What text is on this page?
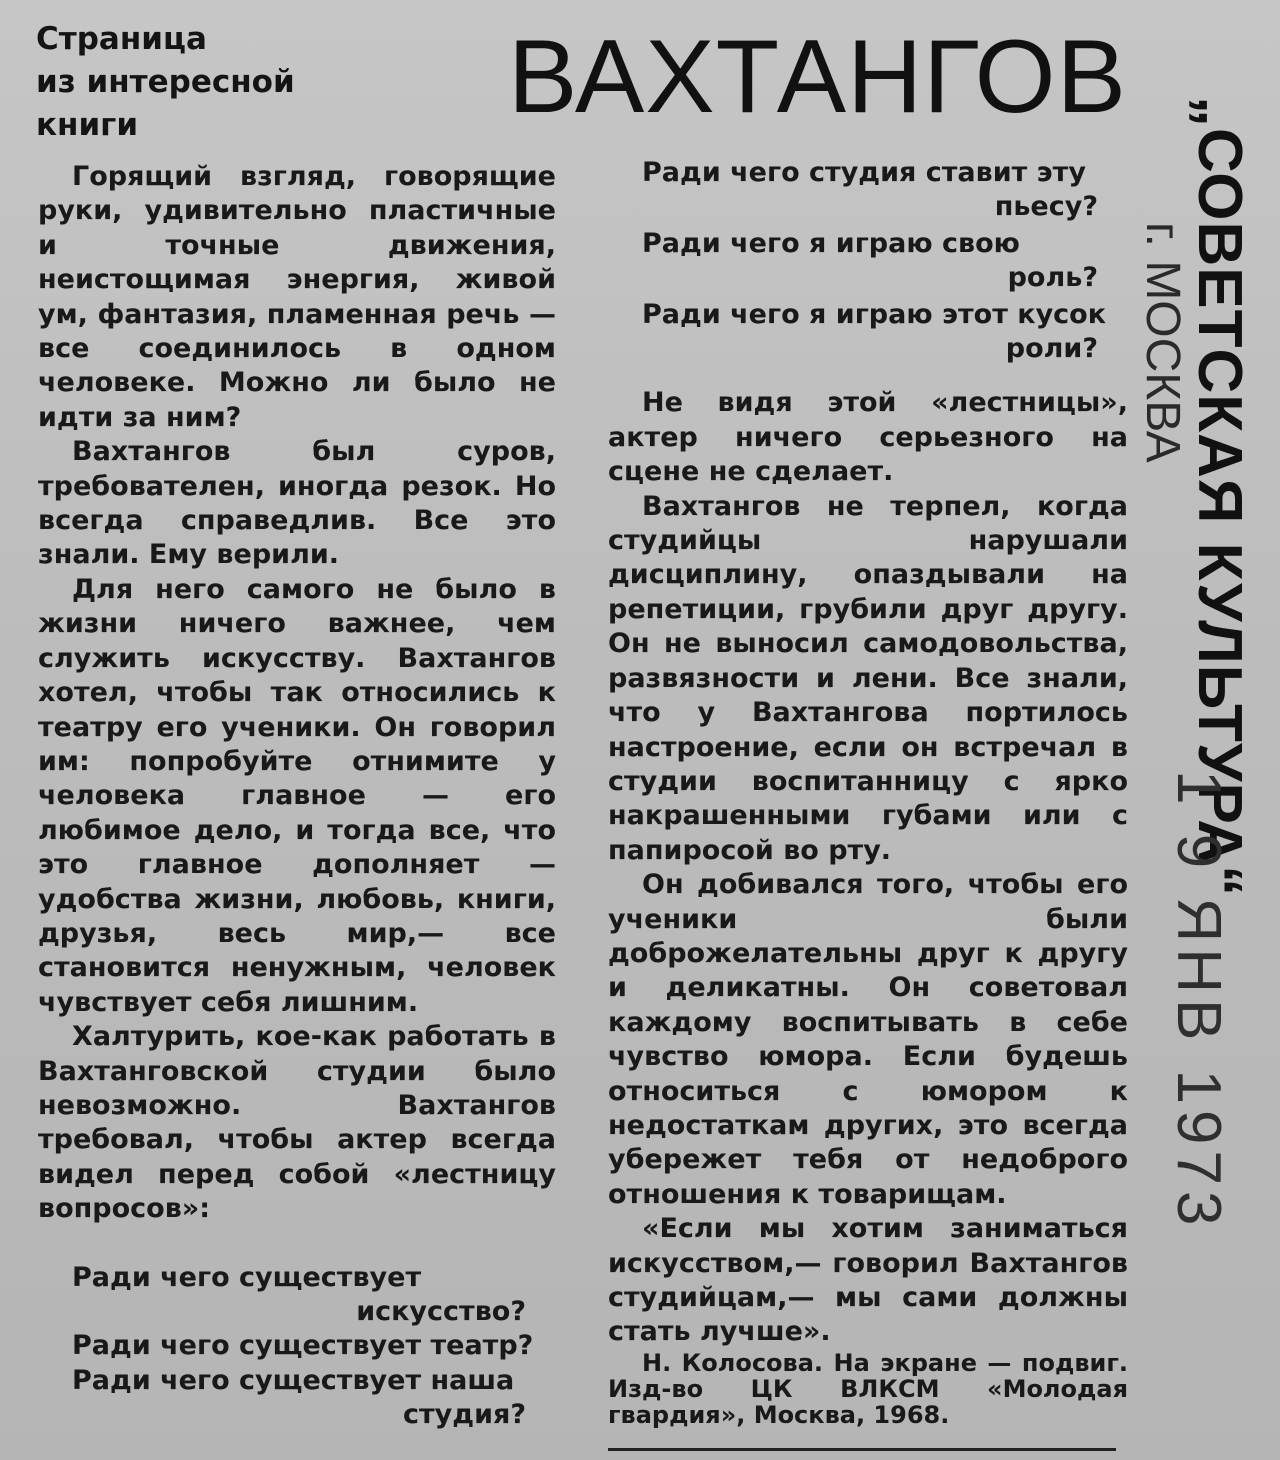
Страница
из интересной
книги	ВАХТАНГОВ

Горящий взгляд, говорящие руки, удивительно пластичные и точные движения, неистощимая энергия, живой ум, фантазия, пламенная речь — все соединилось в одном человеке. Можно ли было не идти за ним?

Вахтангов был суров, требователен, иногда резок. Но всегда справедлив. Все это знали. Ему верили.

Для него самого не было в жизни ничего важнее, чем служить искусству. Вахтангов хотел, чтобы так относились к театру его ученики. Он говорил им: попробуйте отнимите у человека главное — его любимое дело, и тогда все, что это главное дополняет — удобства жизни, любовь, книги, друзья, весь мир,— все становится ненужным, человек чувствует себя лишним.

Халтурить, кое-как работать в Вахтанговской студии было невозможно. Вахтангов требовал, чтобы актер всегда видел перед собой «лестницу вопросов»:

Ради чего существует
искусство?
Ради чего существует театр?
Ради чего существует наша
студия?
Ради чего студия ставит эту
пьесу?
Ради чего я играю свою
роль?
Ради чего я играю этот кусок
роли?

Не видя этой «лестницы», актер ничего серьезного на сцене не сделает.

Вахтангов не терпел, когда студийцы нарушали дисциплину, опаздывали на репетиции, грубили друг другу. Он не выносил самодовольства, развязности и лени. Все знали, что у Вахтангова портилось настроение, если он встречал в студии воспитанницу с ярко накрашенными губами или с папиросой во рту.

Он добивался того, чтобы его ученики были доброжелательны друг к другу и деликатны. Он советовал каждому воспитывать в себе чувство юмора. Если будешь относиться с юмором к недостаткам других, это всегда убережет тебя от недоброго отношения к товарищам.

«Если мы хотим заниматься искусством,— говорил Вахтангов студийцам,— мы сами должны стать лучше».

Н. Колосова. На экране — подвиг. Изд-во ЦК ВЛКСМ «Молодая гвардия», Москва, 1968.

„СОВЕТСКАЯ КУЛЬТУРА“
г. МОСКВА
1 9 ЯНВ 1973
